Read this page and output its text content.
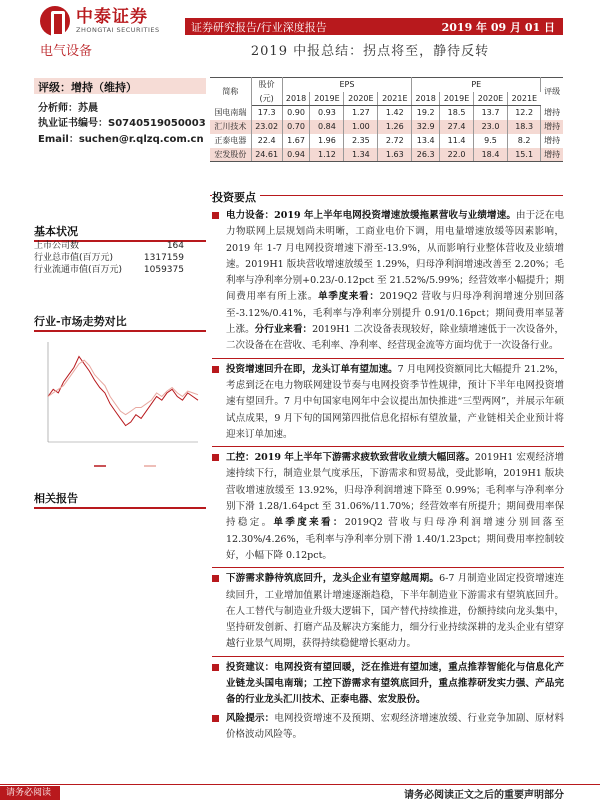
中泰证券
ZHONGTAI SECURITIES	证券研究报告/行业深度报告	2019 年 09 月 01 日
电气设备	2019 中报总结：拐点将至，静待反转
评级：增持（维持）
分析师：苏晨
执业证书编号：S0740519050003
Email：suchen@r.qlzq.com.cn
简称	股价	EPS				PE				评级
	(元)	2018	2019E	2020E	2021E	2018	2019E	2020E	2021E	
国电南瑞	17.3	0.90	0.93	1.27	1.42	19.2	18.5	13.7	12.2	增持
汇川技术	23.02	0.70	0.84	1.00	1.26	32.9	27.4	23.0	18.3	增持
正泰电器	22.4	1.67	1.96	2.35	2.72	13.4	11.4	9.5	8.2	增持
宏发股份	24.61	0.94	1.12	1.34	1.63	26.3	22.0	18.4	15.1	增持
基本状况
上市公司数	164
行业总市值(百万元)	1317159
行业流通市值(百万元) 1059375
行业-市场走势对比
相关报告
投资要点
电力设备：2019 年上半年电网投资增速放缓拖累营收与业绩增速。由于泛在电力物联网上层规划尚未明晰，工商业电价下调，用电量增速放缓等因素影响，2019 年 1-7 月电网投资增速下滑至-13.9%，从而影响行业整体营收及业绩增速。2019H1 版块营收增速放缓至 1.29%，归母净利润增速改善至 2.20%；毛利率与净利率分别+0.23/-0.12pct 至 21.52%/5.99%；经营效率小幅提升；期间费用率有所上涨。单季度来看：2019Q2 营收与归母净利润增速分别回落至-3.12%/0.41%，毛利率与净利率分别提升 0.91/0.16pct；期间费用率显著上涨。分行业来看：2019H1 二次设备表现较好，除业绩增速低于一次设备外，二次设备在在营收、毛利率、净利率、经营现金流等方面均优于一次设备行业。
投资增速回升在即，龙头订单有望加速。7 月电网投资额同比大幅提升 21.2%，考虑到泛在电力物联网建设节奏与电网投资季节性规律，预计下半年电网投资增速有望回升。7 月中旬国家电网年中会议提出加快推进“三型两网”，并展示年硕试点成果，9 月下旬的国网第四批信息化招标有望放量，产业链相关企业预计将迎来订单加速。
工控：2019 年上半年下游需求疲软致营收业绩大幅回落。2019H1 宏观经济增速持续下行，制造业景气度承压，下游需求和贸易战，受此影响，2019H1 版块营收增速放缓至 13.92%，归母净利润增速下降至 0.99%；毛利率与净利率分别下滑 1.28/1.64pct 至 31.06%/11.70%；经营效率有所提升；期间费用率保持稳定。单季度来看：2019Q2 营收与归母净利润增速分别回落至 12.30%/4.26%，毛利率与净利率分别下滑 1.40/1.23pct；期间费用率控制较好，小幅下降 0.12pct。
下游需求静待筑底回升，龙头企业有望穿越周期。6-7 月制造业固定投资增速连续回升，工业增加值累计增速逐渐趋稳，下半年制造业下游需求有望筑底回升。在人工替代与制造业升级大逻辑下，国产替代持续推进，份额持续向龙头集中，坚持研发创新、打磨产品及解决方案能力，细分行业持续深耕的龙头企业有望穿越行业景气周期，获得持续稳健增长驱动力。
投资建议：电网投资有望回暖，泛在推进有望加速，重点推荐智能化与信息化产业链龙头国电南瑞；工控下游需求有望筑底回升，重点推荐研发实力强、产品完备的行业龙头汇川技术、正泰电器、宏发股份。
风险提示：电网投资增速不及预期、宏观经济增速放缓、行业竞争加剧、原材料价格波动风险等。
请务必阅读	请务必阅读正文之后的重要声明部分
